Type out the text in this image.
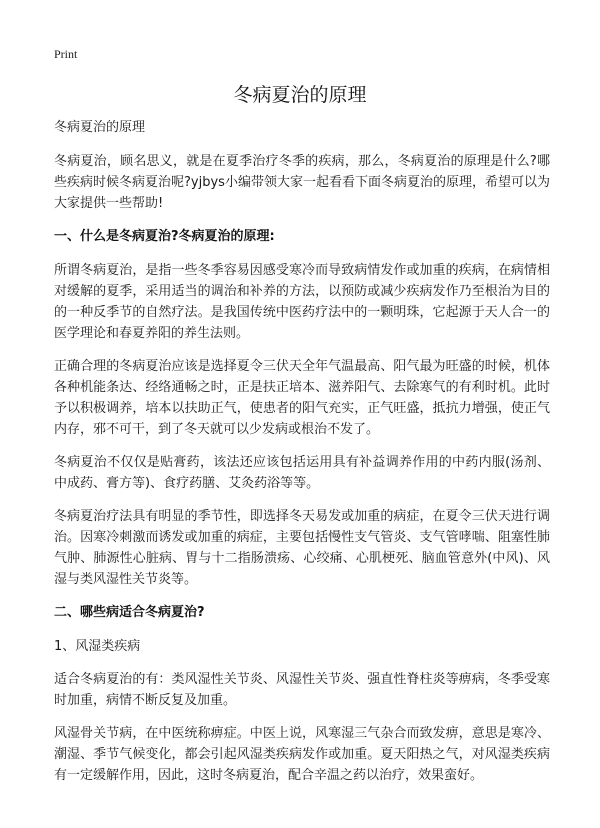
Print
冬病夏治的原理

冬病夏治的原理

冬病夏治，顾名思义，就是在夏季治疗冬季的疾病，那么，冬病夏治的原理是什么?哪些疾病时候冬病夏治呢?yjbys小编带领大家一起看看下面冬病夏治的原理，希望可以为大家提供一些帮助!

一、什么是冬病夏治?冬病夏治的原理:

所谓冬病夏治，是指一些冬季容易因感受寒冷而导致病情发作或加重的疾病，在病情相对缓解的夏季，采用适当的调治和补养的方法，以预防或减少疾病发作乃至根治为目的的一种反季节的自然疗法。是我国传统中医药疗法中的一颗明珠，它起源于天人合一的医学理论和春夏养阳的养生法则。

正确合理的冬病夏治应该是选择夏令三伏天全年气温最高、阳气最为旺盛的时候，机体各种机能条达、经络通畅之时，正是扶正培本、滋养阳气、去除寒气的有利时机。此时予以积极调养，培本以扶助正气，使患者的阳气充实，正气旺盛，抵抗力增强，使正气内存，邪不可干，到了冬天就可以少发病或根治不发了。

冬病夏治不仅仅是贴膏药，该法还应该包括运用具有补益调养作用的中药内服(汤剂、中成药、膏方等)、食疗药膳、艾灸药浴等等。

冬病夏治疗法具有明显的季节性，即选择冬天易发或加重的病症，在夏令三伏天进行调治。因寒冷刺激而诱发或加重的病症，主要包括慢性支气管炎、支气管哮喘、阻塞性肺气肿、肺源性心脏病、胃与十二指肠溃疡、心绞痛、心肌梗死、脑血管意外(中风)、风湿与类风湿性关节炎等。

二、哪些病适合冬病夏治?

1、风湿类疾病

适合冬病夏治的有：类风湿性关节炎、风湿性关节炎、强直性脊柱炎等痹病，冬季受寒时加重，病情不断反复及加重。

风湿骨关节病，在中医统称痹症。中医上说，风寒湿三气杂合而致发痹，意思是寒冷、潮湿、季节气候变化，都会引起风湿类疾病发作或加重。夏天阳热之气，对风湿类疾病有一定缓解作用，因此，这时冬病夏治，配合辛温之药以治疗，效果蛮好。
